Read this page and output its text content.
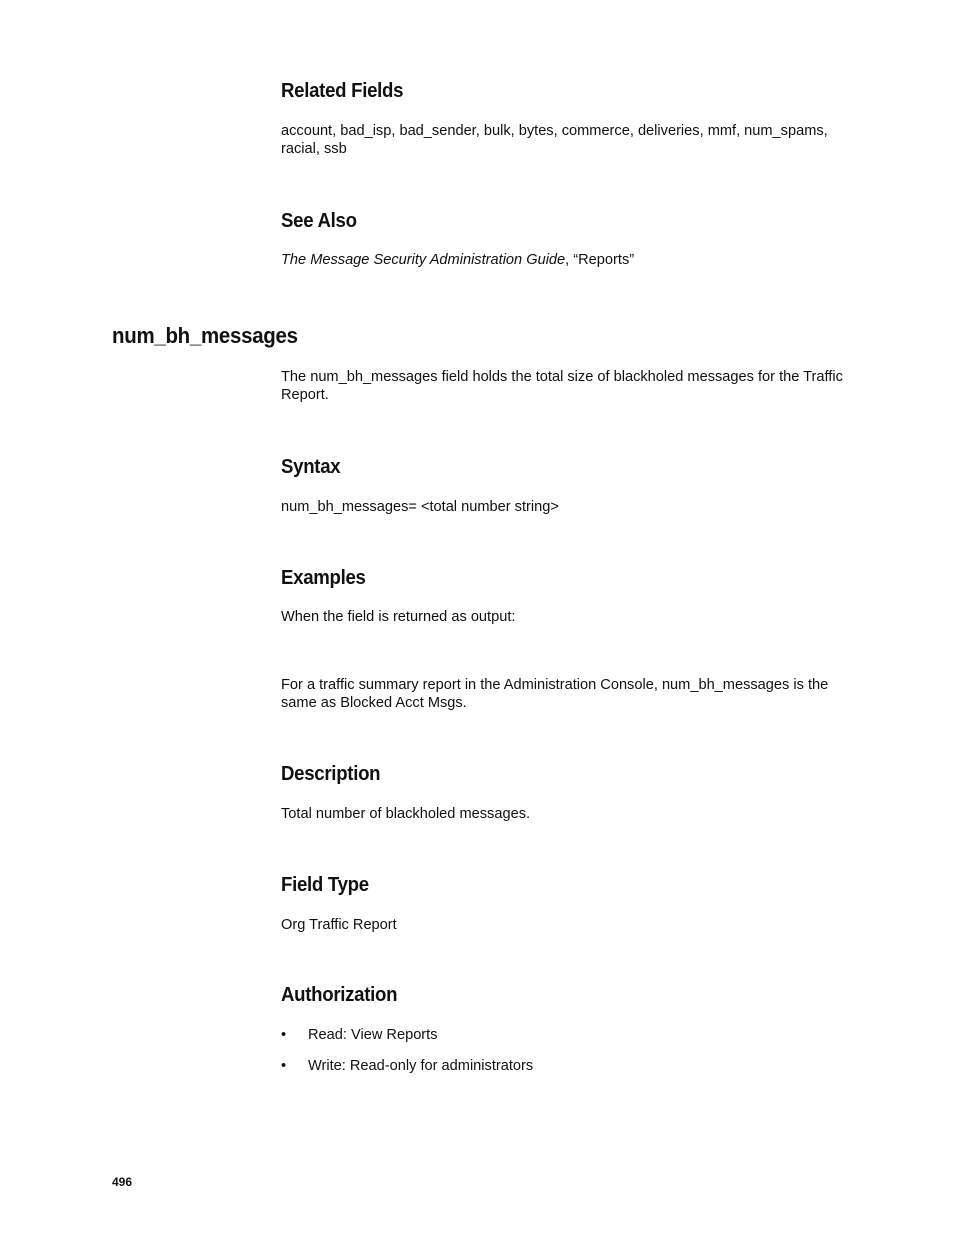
Related Fields

account, bad_isp, bad_sender, bulk, bytes, commerce, deliveries, mmf, num_spams, racial, ssb

See Also

The Message Security Administration Guide, “Reports”

num_bh_messages

The num_bh_messages field holds the total size of blackholed messages for the Traffic Report.

Syntax

num_bh_messages= <total number string>

Examples

When the field is returned as output:

For a traffic summary report in the Administration Console, num_bh_messages is the same as Blocked Acct Msgs.

Description

Total number of blackholed messages.

Field Type

Org Traffic Report

Authorization
• Read: View Reports
• Write: Read-only for administrators
496
